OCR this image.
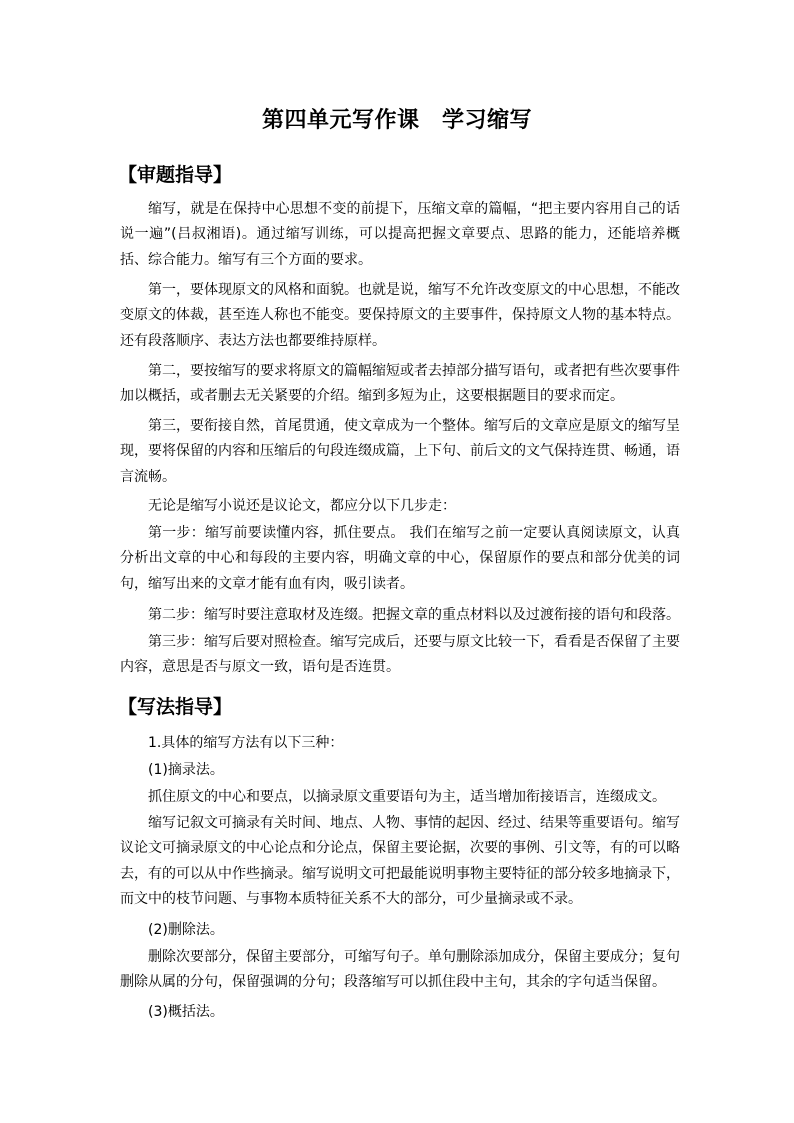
第四单元写作课　学习缩写
【审题指导】
缩写，就是在保持中心思想不变的前提下，压缩文章的篇幅，“把主要内容用自己的话说一遍”(吕叔湘语)。通过缩写训练，可以提高把握文章要点、思路的能力，还能培养概括、综合能力。缩写有三个方面的要求。
第一，要体现原文的风格和面貌。也就是说，缩写不允许改变原文的中心思想，不能改变原文的体裁，甚至连人称也不能变。要保持原文的主要事件，保持原文人物的基本特点。还有段落顺序、表达方法也都要维持原样。
第二，要按缩写的要求将原文的篇幅缩短或者去掉部分描写语句，或者把有些次要事件加以概括，或者删去无关紧要的介绍。缩到多短为止，这要根据题目的要求而定。
第三，要衔接自然，首尾贯通，使文章成为一个整体。缩写后的文章应是原文的缩写呈现，要将保留的内容和压缩后的句段连缀成篇，上下句、前后文的文气保持连贯、畅通，语言流畅。
无论是缩写小说还是议论文，都应分以下几步走：
第一步：缩写前要读懂内容，抓住要点。 我们在缩写之前一定要认真阅读原文，认真分析出文章的中心和每段的主要内容，明确文章的中心，保留原作的要点和部分优美的词句，缩写出来的文章才能有血有肉，吸引读者。
第二步：缩写时要注意取材及连缀。把握文章的重点材料以及过渡衔接的语句和段落。
第三步：缩写后要对照检查。缩写完成后，还要与原文比较一下，看看是否保留了主要内容，意思是否与原文一致，语句是否连贯。
【写法指导】
1.具体的缩写方法有以下三种：
(1)摘录法。
抓住原文的中心和要点，以摘录原文重要语句为主，适当增加衔接语言，连缀成文。
缩写记叙文可摘录有关时间、地点、人物、事情的起因、经过、结果等重要语句。缩写议论文可摘录原文的中心论点和分论点，保留主要论据，次要的事例、引文等，有的可以略去，有的可以从中作些摘录。缩写说明文可把最能说明事物主要特征的部分较多地摘录下，而文中的枝节问题、与事物本质特征关系不大的部分，可少量摘录或不录。
(2)删除法。
删除次要部分，保留主要部分，可缩写句子。单句删除添加成分，保留主要成分；复句删除从属的分句，保留强调的分句；段落缩写可以抓住段中主句，其余的字句适当保留。
(3)概括法。
